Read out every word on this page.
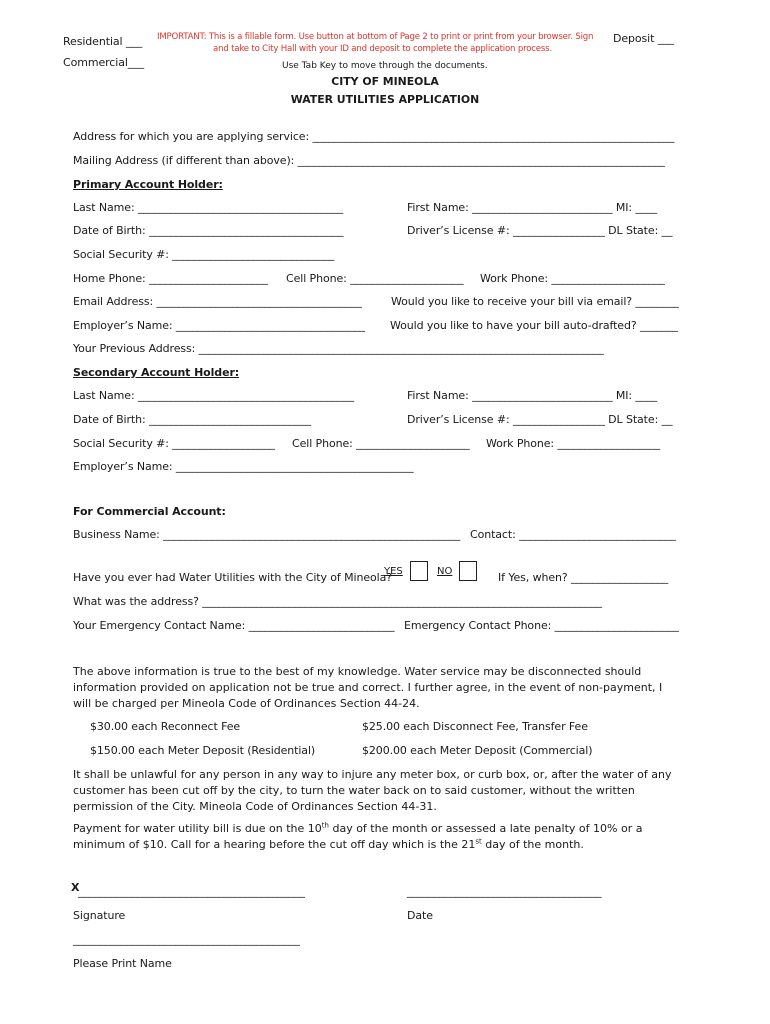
Residential ___
Commercial___
Deposit ___
IMPORTANT: This is a fillable form. Use button at bottom of Page 2 to print or print from your browser. Sign
and take to City Hall with your ID and deposit to complete the application process.
Use Tab Key to move through the documents.
CITY OF MINEOLA
WATER UTILITIES APPLICATION
Address for which you are applying service: ___________________________________________________________________
Mailing Address (if different than above): ____________________________________________________________________
Primary Account Holder:
Last Name: ______________________________________	First Name: __________________________ MI: ____
Date of Birth: ____________________________________	Driver’s License #: _________________ DL State: __
Social Security #: ______________________________
Home Phone: ______________________ Cell Phone: _____________________ Work Phone: _____________________
Email Address: ______________________________________	Would you like to receive your bill via email? ________
Employer’s Name: ___________________________________ Would you like to have your bill auto-drafted? _______
Your Previous Address: ___________________________________________________________________________
Secondary Account Holder:
Last Name: ________________________________________	First Name: __________________________ MI: ____
Date of Birth: ______________________________	Driver’s License #: _________________ DL State: __
Social Security #: ___________________ Cell Phone: _____________________ Work Phone: ___________________
Employer’s Name: ____________________________________________
For Commercial Account:
Business Name: _______________________________________________________ Contact: _____________________________
Have you ever had Water Utilities with the City of Mineola?
YES	NO	If Yes, when? __________________
What was the address? __________________________________________________________________________
Your Emergency Contact Name: ___________________________ Emergency Contact Phone: _______________________
The above information is true to the best of my knowledge. Water service may be disconnected should information provided on application not be true and correct. I further agree, in the event of non-payment, I will be charged per Mineola Code of Ordinances Section 44-24.
$30.00 each Reconnect Fee	$25.00 each Disconnect Fee, Transfer Fee
$150.00 each Meter Deposit (Residential)	$200.00 each Meter Deposit (Commercial)
It shall be unlawful for any person in any way to injure any meter box, or curb box, or, after the water of any customer has been cut off by the city, to turn the water back on to said customer, without the written permission of the City. Mineola Code of Ordinances Section 44-31.
Payment for water utility bill is due on the 10th day of the month or assessed a late penalty of 10% or a minimum of $10. Call for a hearing before the cut off day which is the 21st day of the month.
X
__________________________________________	____________________________________
Signature	Date
__________________________________________
Please Print Name
